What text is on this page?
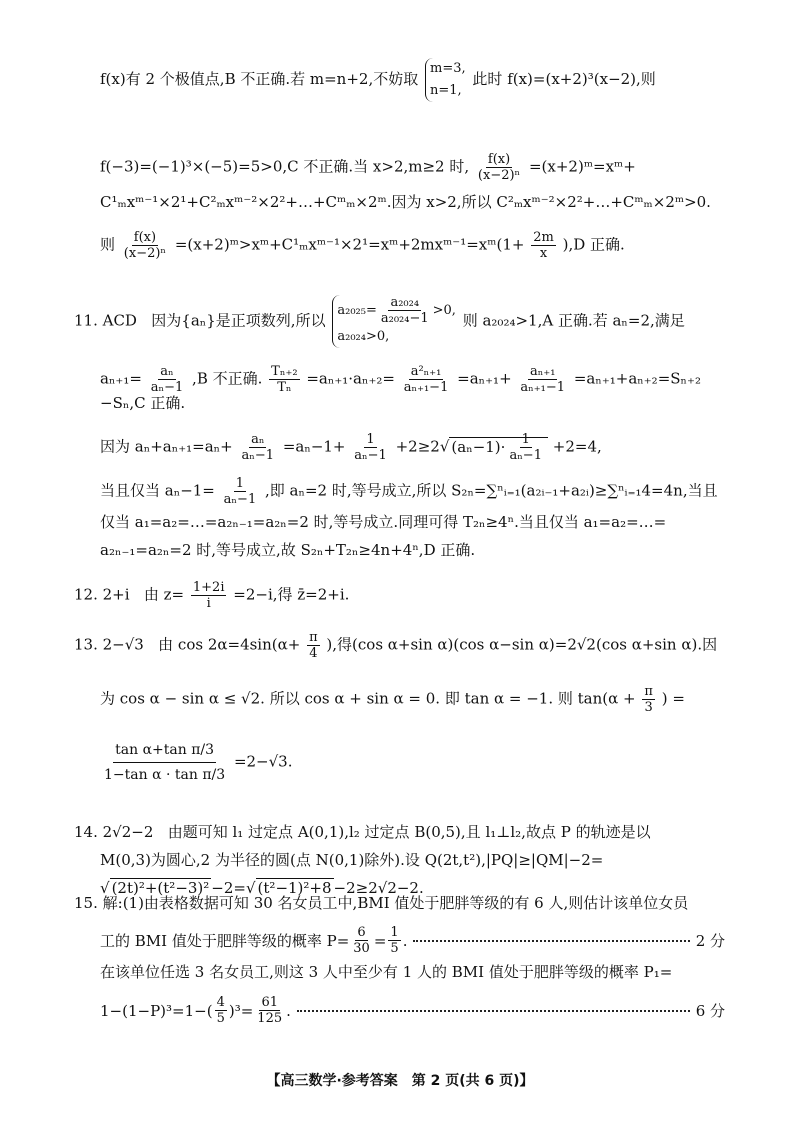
f(x)有 2 个极值点,B 不正确.若 m=n+2,不妨取
m=3,
n=1,
此时 f(x)=(x+2)³(x−2),则
f(−3)=(−1)³×(−5)=5>0,C 不正确.当 x>2,m≥2 时, $\frac{f(x)}{\text{(x−2)ⁿ}}$ =(x+2)ᵐ=xᵐ+
C¹ₘxᵐ⁻¹×2¹+C²ₘxᵐ⁻²×2²+…+Cᵐₘ×2ᵐ.因为 x>2,所以 C²ₘxᵐ⁻²×2²+…+Cᵐₘ×2ᵐ>0.
则 $\frac{f(x)}{\text{(x−2)ⁿ}}$ =(x+2)ᵐ>xᵐ+C¹ₘxᵐ⁻¹×2¹=xᵐ+2mxᵐ⁻¹=xᵐ(1+ $\frac{2m}{x} ),D$ 正确.
11. ACD 因为{aₙ}是正项数列,所以
$a_{2025}= \frac{\text{a₂₀₂₄}}{\text{a₂₀₂₄−1}} >0$,
a₂₀₂₄>0,
则 a₂₀₂₄>1,A 正确.若 aₙ=2,满足
$a_{n+1}= \frac{\text{aₙ}}{\text{aₙ−1}} ,B$ 不正确. $\frac{\text{Tₙ₊₂}}{\text{Tₙ}} =a_{n+1}\cdot a_{n+2}= \frac{\text{a²ₙ₊₁}}{\text{aₙ₊₁−1}} =a_{n+1}+ \frac{\text{aₙ₊₁}}{\text{aₙ₊₁−1}} =a_{n+1}+a_{n+2}=S_{n+2}$
−Sₙ,C 正确.
因为 $a_n+a_{n+1}=a_n+ \frac{\text{aₙ}}{\text{aₙ−1}} =a_n-1+ \frac{1}{\text{aₙ−1}} +2\ge 2√$ $(a_n-1)\cdot \frac{1}{\text{aₙ−1}} +2=4$,
当且仅当 $a_n-1= \frac{1}{\text{aₙ−1}}$ ,即 aₙ=2 时,等号成立,所以 S₂ₙ=∑ⁿᵢ₌₁(a₂ᵢ₋₁+a₂ᵢ)≥∑ⁿᵢ₌₁4=4n,当且
仅当 a₁=a₂=…=a₂ₙ₋₁=a₂ₙ=2 时,等号成立.同理可得 T₂ₙ≥4ⁿ.当且仅当 a₁=a₂=…=
a₂ₙ₋₁=a₂ₙ=2 时,等号成立,故 S₂ₙ+T₂ₙ≥4n+4ⁿ,D 正确.
12. 2+i 由 $z= \frac{1+2i}{i} =2-i$,得 z̄=2+i.
13. 2−√3 由 $\cos 2\alpha=4\sin(\alpha+ \frac{\pi}{4}$ ),得(cos α+sin α)(cos α−sin α)=2√2(cos α+sin α).因
为 cos α − sin α ≤ √2. 所以 cos α + sin α = 0. 即 tan α = −1. 则 $\tan(\alpha + \frac{\pi}{3}$ ) =
$\frac{\text{tan α+tan π/3}}{\text{1−tan α · tan π/3}} =2-√3$.
14. 2√2−2 由题可知 l₁ 过定点 A(0,1),l₂ 过定点 B(0,5),且 l₁⊥l₂,故点 P 的轨迹是以
M(0,3)为圆心,2 为半径的圆(点 N(0,1)除外).设 Q(2t,t²),|PQ|≥|QM|−2=
√ (2t)²+(t²−3)² −2=√ (t²−1)²+8 −2≥2√2−2.
15. 解:(1)由表格数据可知 30 名女员工中,BMI 值处于肥胖等级的有 6 人,则估计该单位女员
工的 BMI 值处于肥胖等级的概率 $P= \frac{6}{30} = \frac{1}{5}$ .	2 分
在该单位任选 3 名女员工,则这 3 人中至少有 1 人的 BMI 值处于肥胖等级的概率 P₁=
$1-(1-P)^3=1-( \frac{4}{5} )^3= \frac{61}{125}$ .	6 分
【高三数学·参考答案　第 2 页(共 6 页)】
